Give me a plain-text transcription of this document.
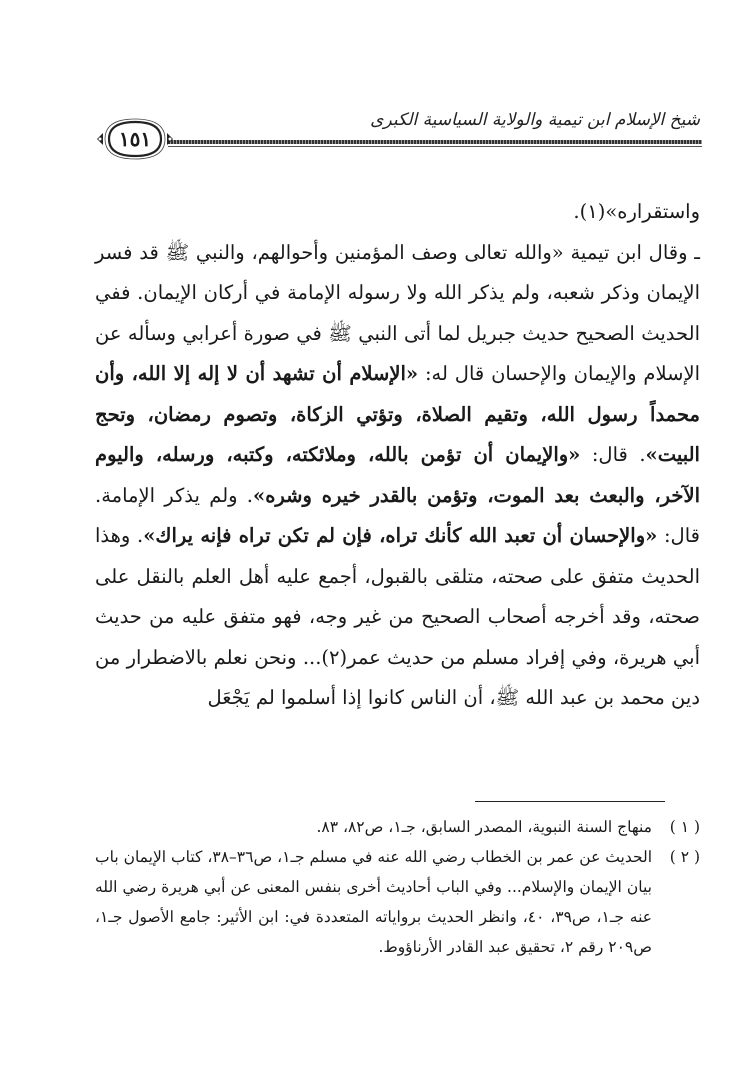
شيخ الإسلام ابن تيمية والولاية السياسية الكبرى
١٥١

واستقراره»(١).

ـ وقال ابن تيمية «والله تعالى وصف المؤمنين وأحوالهم، والنبي ﷺ قد فسر الإيمان وذكر شعبه، ولم يذكر الله ولا رسوله الإمامة في أركان الإيمان. ففي الحديث الصحيح حديث جبريل لما أتى النبي ﷺ في صورة أعرابي وسأله عن الإسلام والإيمان والإحسان قال له: «الإسلام أن تشهد أن لا إله إلا الله، وأن محمداً رسول الله، وتقيم الصلاة، وتؤتي الزكاة، وتصوم رمضان، وتحج البيت». قال: «والإيمان أن تؤمن بالله، وملائكته، وكتبه، ورسله، واليوم الآخر، والبعث بعد الموت، وتؤمن بالقدر خيره وشره». ولم يذكر الإمامة. قال: «والإحسان أن تعبد الله كأنك تراه، فإن لم تكن تراه فإنه يراك». وهذا الحديث متفق على صحته، متلقى بالقبول، أجمع عليه أهل العلم بالنقل على صحته، وقد أخرجه أصحاب الصحيح من غير وجه، فهو متفق عليه من حديث أبي هريرة، وفي إفراد مسلم من حديث عمر(٢)... ونحن نعلم بالاضطرار من دين محمد بن عبد الله ﷺ، أن الناس كانوا إذا أسلموا لم يَجْعَل

( ١ )
منهاج السنة النبوية، المصدر السابق، جـ١، ص٨٢، ٨٣.
( ٢ )
الحديث عن عمر بن الخطاب رضي الله عنه في مسلم جـ١، ص٣٦–٣٨، كتاب الإيمان باب بيان الإيمان والإسلام... وفي الباب أحاديث أخرى بنفس المعنى عن أبي هريرة رضي الله عنه جـ١، ص٣٩، ٤٠، وانظر الحديث برواياته المتعددة في: ابن الأثير: جامع الأصول جـ١، ص٢٠٩ رقم ٢، تحقيق عبد القادر الأرناؤوط.
